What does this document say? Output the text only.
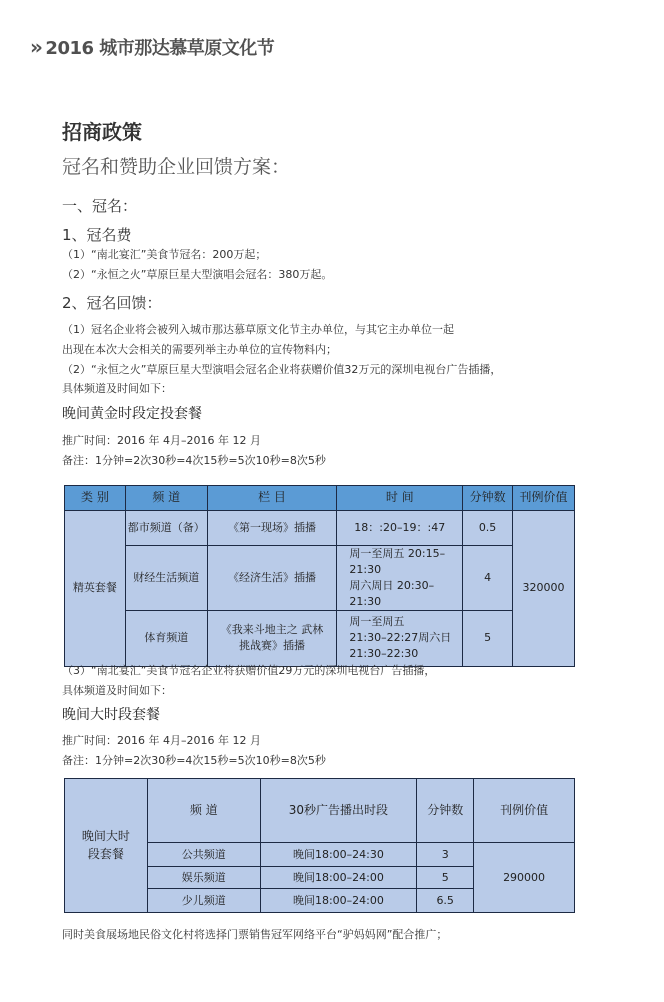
» 2016 城市那达慕草原文化节
招商政策
冠名和赞助企业回馈方案：
一、冠名：
1、冠名费
（1）“南北宴汇”美食节冠名：200万起；
（2）“永恒之火”草原巨星大型演唱会冠名：380万起。
2、冠名回馈：
（1）冠名企业将会被列入城市那达慕草原文化节主办单位，与其它主办单位一起
出现在本次大会相关的需要列举主办单位的宣传物料内；
（2）“永恒之火”草原巨星大型演唱会冠名企业将获赠价值32万元的深圳电视台广告插播，
具体频道及时间如下：
晚间黄金时段定投套餐
推广时间：2016 年 4月–2016 年 12 月
备注：1分钟=2次30秒=4次15秒=5次10秒=8次5秒
类 别	频 道	栏 目	时 间	分钟数	刊例价值
精英套餐	都市频道（备）	《第一现场》插播	18：:20–19：:47	0.5	320000
	财经生活频道	《经济生活》插播	周一至周五 20:15–21:30
周六周日 20:30–21:30	4	
	体育频道	《我来斗地主之 武林挑战赛》插播	周一至周五
21:30–22:27周六日
21:30–22:30	5	
（3）“南北宴汇”美食节冠名企业将获赠价值29万元的深圳电视台广告插播，
具体频道及时间如下：
晚间大时段套餐
推广时间：2016 年 4月–2016 年 12 月
备注：1分钟=2次30秒=4次15秒=5次10秒=8次5秒
晚间大时段套餐	频 道	30秒广告播出时段	分钟数	刊例价值
	公共频道	晚间18:00–24:30	3	290000
	娱乐频道	晚间18:00–24:00	5	
	少儿频道	晚间18:00–24:00	6.5	
同时美食展场地民俗文化村将选择门票销售冠军网络平台“驴妈妈网”配合推广；
